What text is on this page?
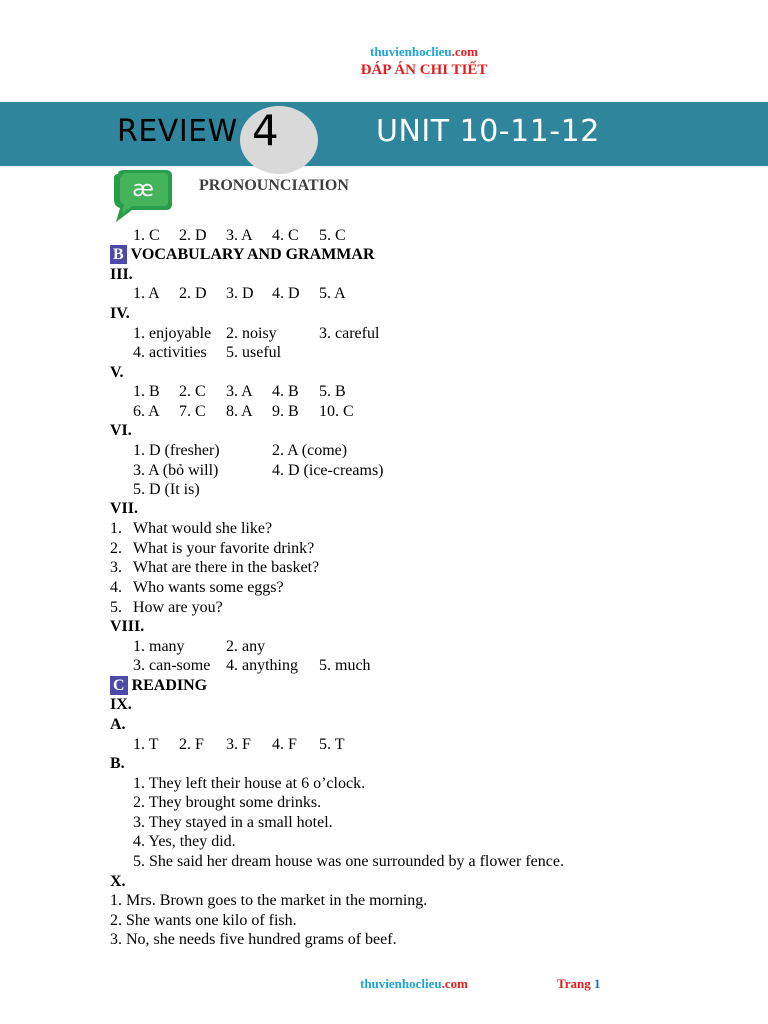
thuvienhoclieu.com
ĐÁP ÁN CHI TIẾT
REVIEW 4	UNIT 10-11-12
æ	PRONOUNCIATION
1. C 2. D 3. A 4. C 5. C
B VOCABULARY AND GRAMMAR
III.
1. A 2. D 3. D 4. D 5. A
IV.
1. enjoyable 2. noisy	3. careful
4. activities 5. useful
V.
1. B 2. C 3. A 4. B 5. B
6. A 7. C 8. A 9. B 10. C
VI.
1. D (fresher)	2. A (come)
3. A (bỏ will)	4. D (ice-creams)
5. D (It is)
VII.
1. What would she like?
2. What is your favorite drink?
3. What are there in the basket?
4. Who wants some eggs?
5. How are you?
VIII.
1. many	2. any
3. can-some 4. anything 5. much
C READING
IX.
A.
1. T 2. F 3. F 4. F 5. T
B.
1. They left their house at 6 o’clock.
2. They brought some drinks.
3. They stayed in a small hotel.
4. Yes, they did.
5. She said her dream house was one surrounded by a flower fence.
X.
1. Mrs. Brown goes to the market in the morning.
2. She wants one kilo of fish.
3. No, she needs five hundred grams of beef.
thuvienhoclieu.com	Trang 1
